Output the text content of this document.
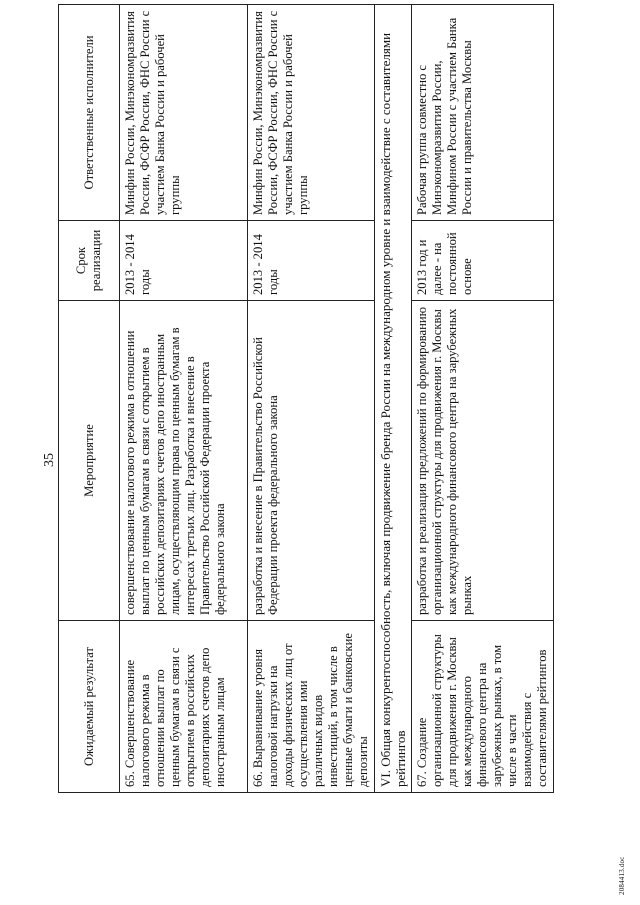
35
Ожидаемый результат	Мероприятие	Срок реализации	Ответственные исполнители
65. Совершенствование налогового режима в отношении выплат по ценным бумагам в связи с открытием в российских депозитариях счетов депо иностранным лицам	совершенствование налогового режима в отношении выплат по ценным бумагам в связи с открытием в российских депозитариях счетов депо иностранным лицам, осуществляющим права по ценным бумагам в интересах третьих лиц. Разработка и внесение в Правительство Российской Федерации проекта федерального закона	2013 - 2014 годы	Минфин России, Минэкономразвития России, ФСФР России, ФНС России с участием Банка России и рабочей группы
66. Выравнивание уровня налоговой нагрузки на доходы физических лиц от осуществления ими различных видов инвестиций, в том числе в ценные бумаги и банковские депозиты	разработка и внесение в Правительство Российской Федерации проекта федерального закона	2013 - 2014 годы	Минфин России, Минэкономразвития России, ФСФР России, ФНС России с участием Банка России и рабочей группы
VI. Общая конкурентоспособность, включая продвижение бренда России на международном уровне и взаимодействие с составителями рейтингов			
67. Создание организационной структуры для продвижения г. Москвы как международного финансового центра на зарубежных рынках, в том числе в части взаимодействия с составителями рейтингов	разработка и реализация предложений по формированию организационной структуры для продвижения г. Москвы как международного финансового центра на зарубежных рынках	2013 год и далее - на постоянной основе	Рабочая группа совместно с Минэкономразвития России, Минфином России с участием Банка России и правительства Москвы
2084413.doc
